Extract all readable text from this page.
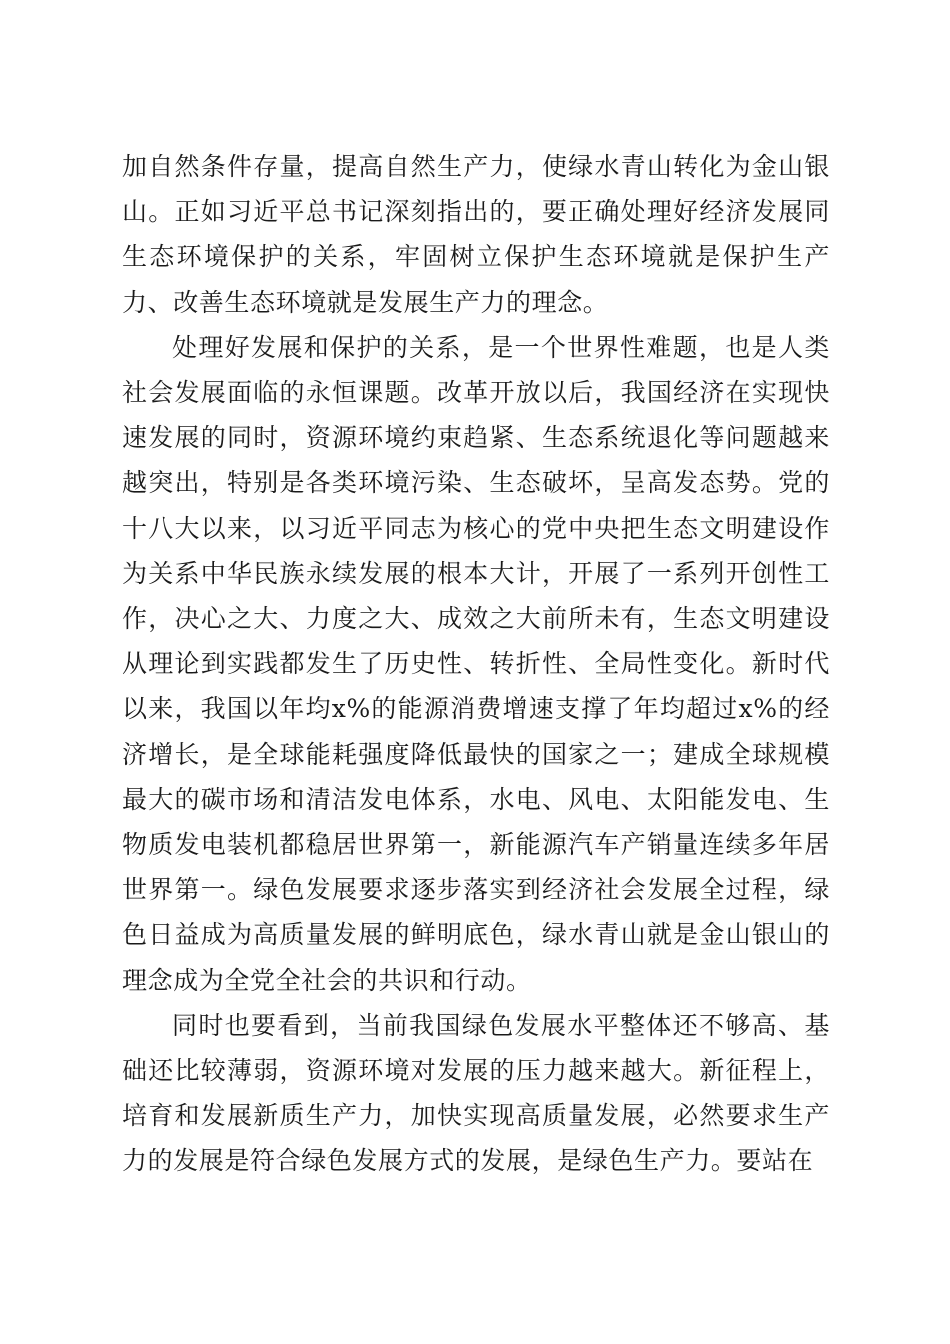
加自然条件存量，提高自然生产力，使绿水青山转化为金山银山。正如习近平总书记深刻指出的，要正确处理好经济发展同生态环境保护的关系，牢固树立保护生态环境就是保护生产力、改善生态环境就是发展生产力的理念。

处理好发展和保护的关系，是一个世界性难题，也是人类社会发展面临的永恒课题。改革开放以后，我国经济在实现快速发展的同时，资源环境约束趋紧、生态系统退化等问题越来越突出，特别是各类环境污染、生态破坏，呈高发态势。党的十八大以来，以习近平同志为核心的党中央把生态文明建设作为关系中华民族永续发展的根本大计，开展了一系列开创性工作，决心之大、力度之大、成效之大前所未有，生态文明建设从理论到实践都发生了历史性、转折性、全局性变化。新时代以来，我国以年均x%的能源消费增速支撑了年均超过x%的经济增长，是全球能耗强度降低最快的国家之一；建成全球规模最大的碳市场和清洁发电体系，水电、风电、太阳能发电、生物质发电装机都稳居世界第一，新能源汽车产销量连续多年居世界第一。绿色发展要求逐步落实到经济社会发展全过程，绿色日益成为高质量发展的鲜明底色，绿水青山就是金山银山的理念成为全党全社会的共识和行动。

同时也要看到，当前我国绿色发展水平整体还不够高、基础还比较薄弱，资源环境对发展的压力越来越大。新征程上，培育和发展新质生产力，加快实现高质量发展，必然要求生产力的发展是符合绿色发展方式的发展，是绿色生产力。要站在
